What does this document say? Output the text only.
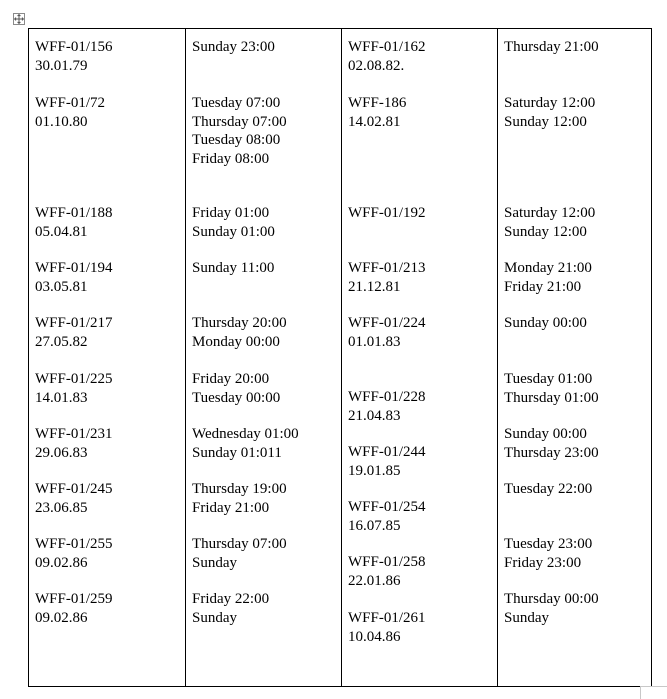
WFF-01/156
30.01.79
WFF-01/72
01.10.80
WFF-01/188
05.04.81
WFF-01/194
03.05.81
WFF-01/217
27.05.82
WFF-01/225
14.01.83
WFF-01/231
29.06.83
WFF-01/245
23.06.85
WFF-01/255
09.02.86
WFF-01/259
09.02.86
Sunday 23:00
Tuesday 07:00
Thursday 07:00
Tuesday 08:00
Friday 08:00
Friday 01:00
Sunday 01:00
Sunday 11:00
Thursday 20:00
Monday 00:00
Friday 20:00
Tuesday 00:00
Wednesday 01:00
Sunday 01:011
Thursday 19:00
Friday 21:00
Thursday 07:00
Sunday
Friday 22:00
Sunday
WFF-01/162
02.08.82.
WFF-186
14.02.81
WFF-01/192
WFF-01/213
21.12.81
WFF-01/224
01.01.83
WFF-01/228
21.04.83
WFF-01/244
19.01.85
WFF-01/254
16.07.85
WFF-01/258
22.01.86
WFF-01/261
10.04.86
Thursday 21:00
Saturday 12:00
Sunday 12:00
Saturday 12:00
Sunday 12:00
Monday 21:00
Friday 21:00
Sunday 00:00
Tuesday 01:00
Thursday 01:00
Sunday 00:00
Thursday 23:00
Tuesday 22:00
Tuesday 23:00
Friday 23:00
Thursday 00:00
Sunday
